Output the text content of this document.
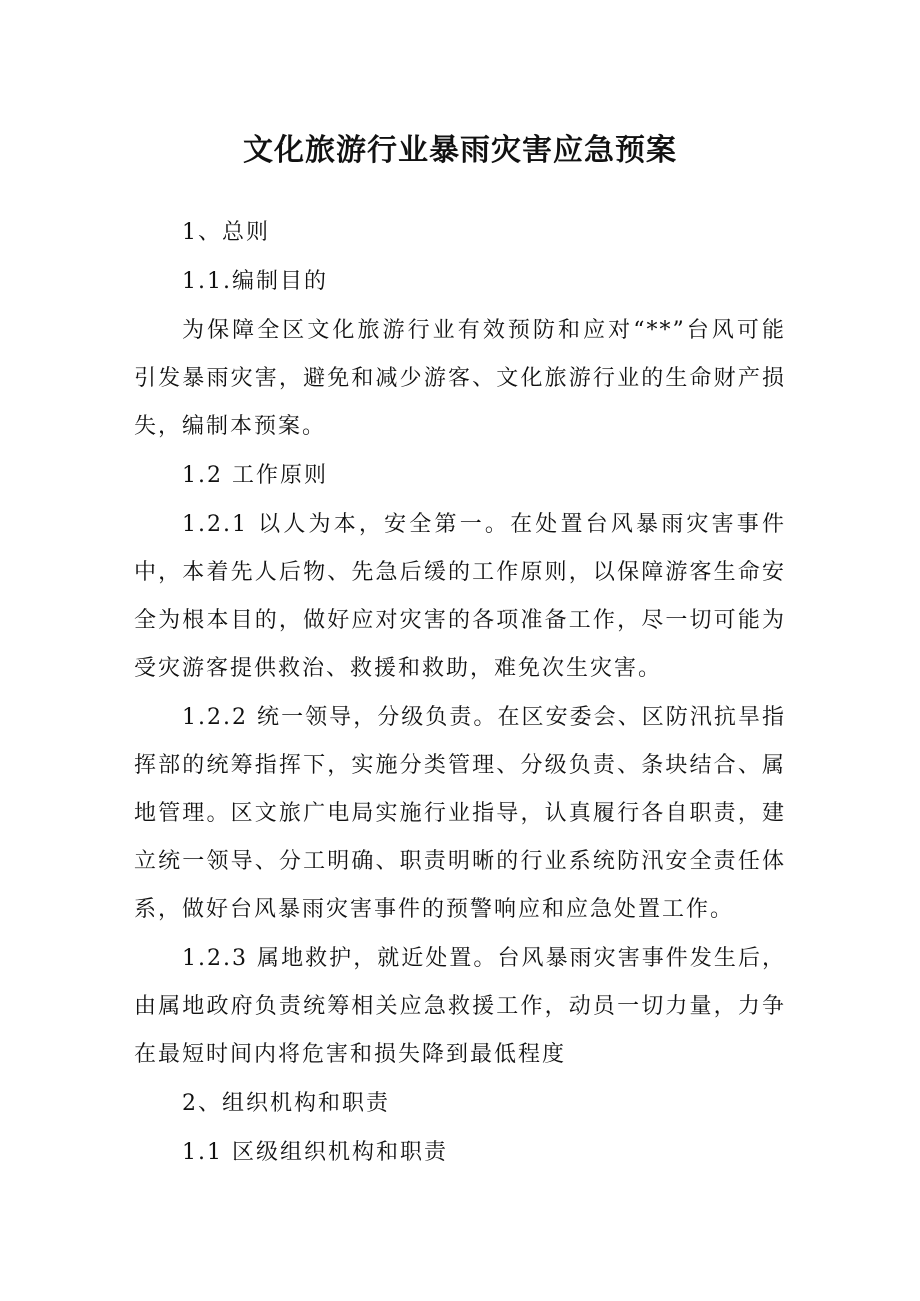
文化旅游行业暴雨灾害应急预案

1、总则

1.1.编制目的

为保障全区文化旅游行业有效预防和应对“**”台风可能引发暴雨灾害，避免和减少游客、文化旅游行业的生命财产损失，编制本预案。

1.2 工作原则

1.2.1 以人为本，安全第一。在处置台风暴雨灾害事件中，本着先人后物、先急后缓的工作原则，以保障游客生命安全为根本目的，做好应对灾害的各项准备工作，尽一切可能为受灾游客提供救治、救援和救助，难免次生灾害。

1.2.2 统一领导，分级负责。在区安委会、区防汛抗旱指挥部的统筹指挥下，实施分类管理、分级负责、条块结合、属地管理。区文旅广电局实施行业指导，认真履行各自职责，建立统一领导、分工明确、职责明晰的行业系统防汛安全责任体系，做好台风暴雨灾害事件的预警响应和应急处置工作。

1.2.3 属地救护，就近处置。台风暴雨灾害事件发生后，由属地政府负责统筹相关应急救援工作，动员一切力量，力争在最短时间内将危害和损失降到最低程度

2、组织机构和职责

1.1 区级组织机构和职责
